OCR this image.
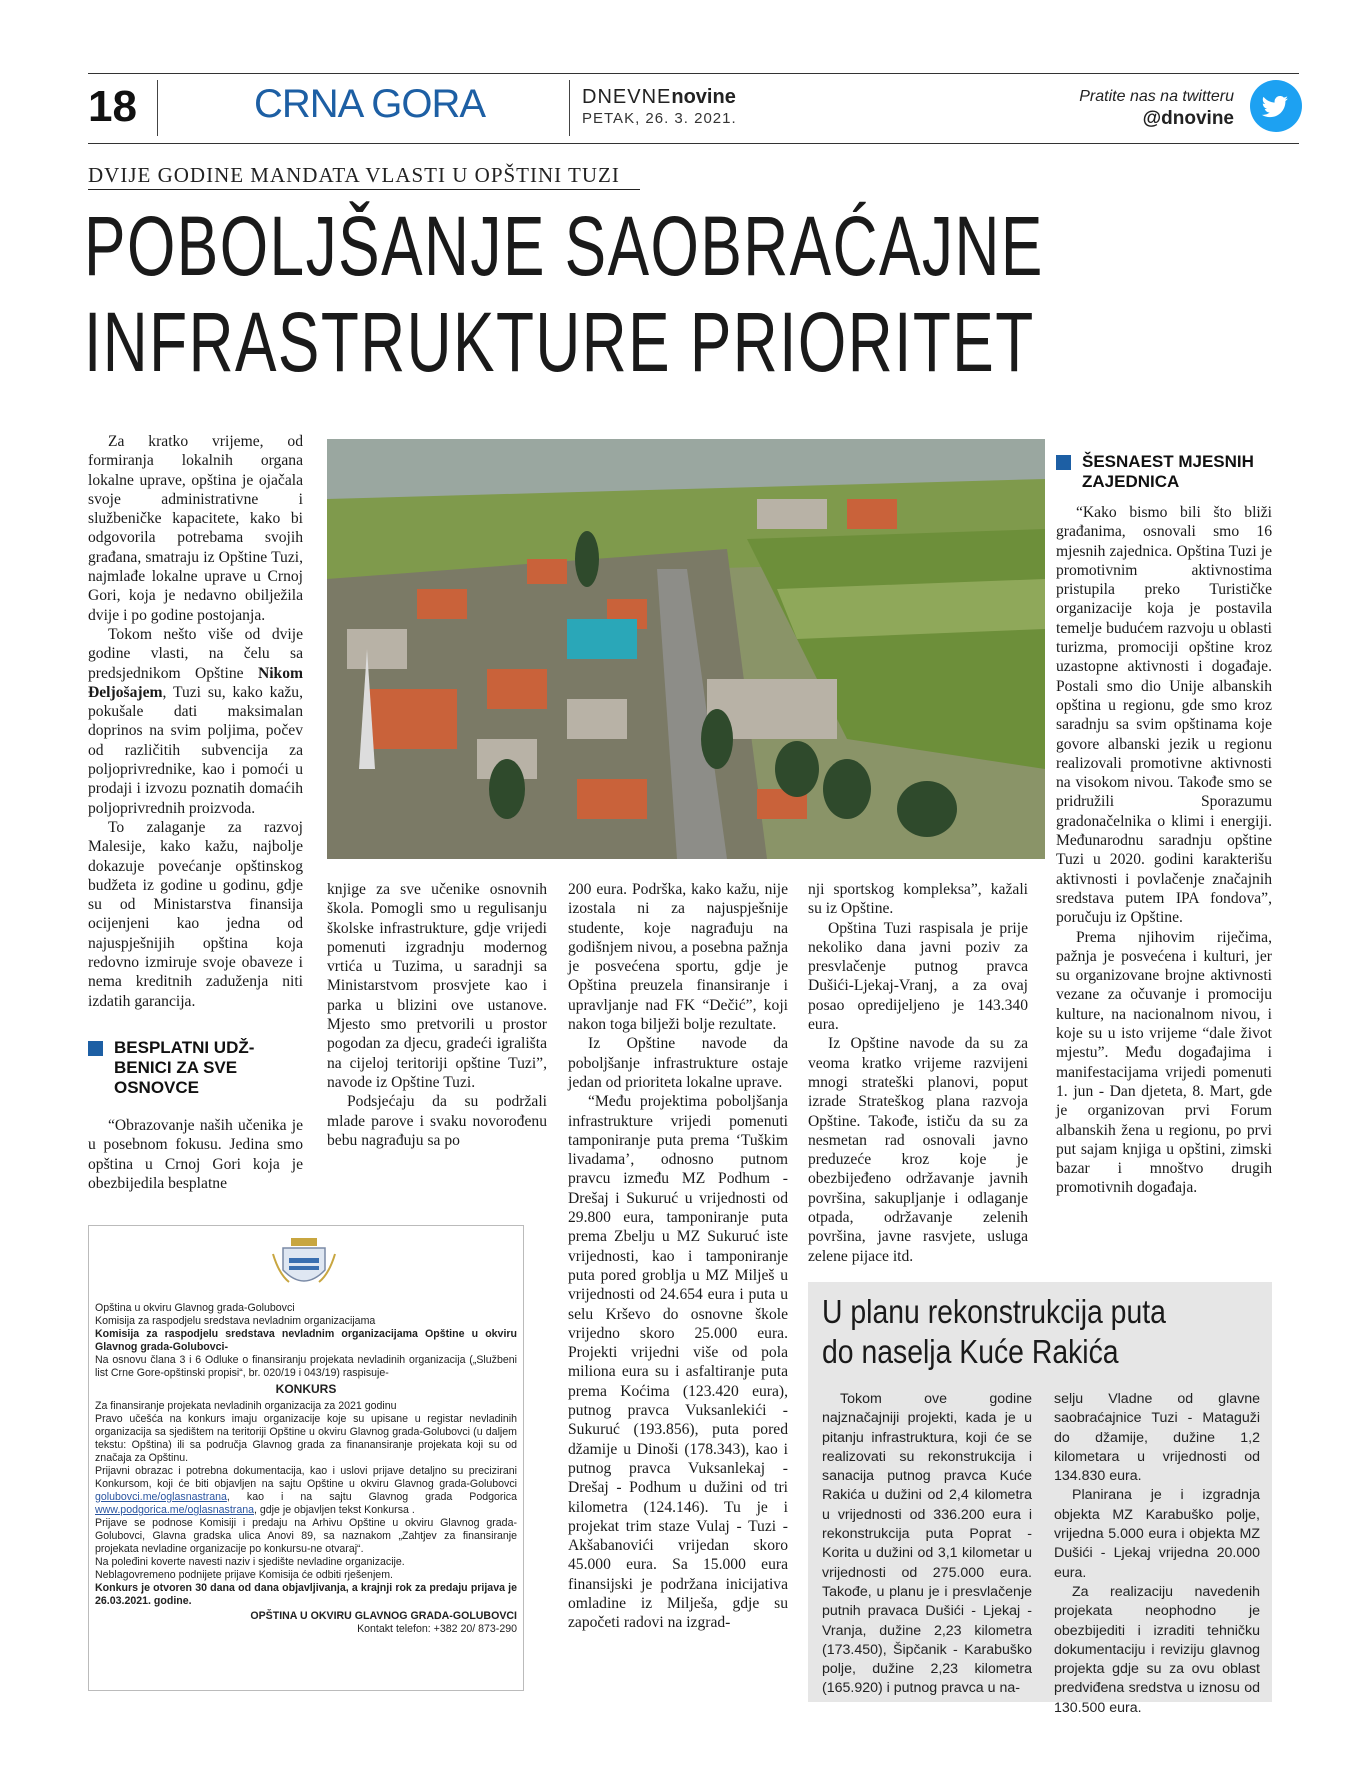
18	CRNA GORA	DNEVNEnovine
PETAK, 26. 3. 2021.
Pratite nas na twitteru
@dnovine
DVIJE GODINE MANDATA VLASTI U OPŠTINI TUZI
POBOLJŠANJE SAOBRAĆAJNE
INFRASTRUKTURE PRIORITET

Za kratko vrijeme, od formiranja lokalnih organa lokalne uprave, opština je ojačala svoje administrativne i službeničke kapacitete, kako bi odgovorila potrebama svojih građana, smatraju iz Opštine Tuzi, najmlađe lokalne uprave u Crnoj Gori, koja je nedavno obilježila dvije i po godine postojanja.

Tokom nešto više od dvije godine vlasti, na čelu sa predsjednikom Opštine Nikom Đeljošajem, Tuzi su, kako kažu, pokušale dati maksimalan doprinos na svim poljima, počev od različitih subvencija za poljoprivrednike, kao i pomoći u prodaji i izvozu poznatih domaćih poljoprivrednih proizvoda.

To zalaganje za razvoj Malesije, kako kažu, najbolje dokazuje povećanje opštinskog budžeta iz godine u godinu, gdje su od Ministarstva finansija ocijenjeni kao jedna od najuspješnijih opština koja redovno izmiruje svoje obaveze i nema kreditnih zaduženja niti izdatih garancija.

BESPLATNI UDŽ-
BENICI ZA SVE
OSNOVCE

“Obrazovanje naših učenika je u posebnom fokusu. Jedina smo opština u Crnoj Gori koja je obezbijedila besplatne

knjige za sve učenike osnovnih škola. Pomogli smo u regulisanju školske infrastrukture, gdje vrijedi pomenuti izgradnju modernog vrtića u Tuzima, u saradnji sa Ministarstvom prosvjete kao i parka u blizini ove ustanove. Mjesto smo pretvorili u prostor pogodan za djecu, gradeći igrališta na cijeloj teritoriji opštine Tuzi”, navode iz Opštine Tuzi.

Podsjećaju da su podržali mlade parove i svaku novorođenu bebu nagrađuju sa po

200 eura. Podrška, kako kažu, nije izostala ni za najuspješnije studente, koje nagrađuju na godišnjem nivou, a posebna pažnja je posvećena sportu, gdje je Opština preuzela finansiranje i upravljanje nad FK “Dečić”, koji nakon toga bilježi bolje rezultate.

Iz Opštine navode da poboljšanje infrastrukture ostaje jedan od prioriteta lokalne uprave.

“Među projektima poboljšanja infrastrukture vrijedi pomenuti tamponiranje puta prema ‘Tuškim livadama’, odnosno putnom pravcu između MZ Podhum - Drešaj i Sukuruć u vrijednosti od 29.800 eura, tamponiranje puta prema Zbelju u MZ Sukuruć iste vrijednosti, kao i tamponiranje puta pored groblja u MZ Milješ u vrijednosti od 24.654 eura i puta u selu Krševo do osnovne škole vrijedno skoro 25.000 eura. Projekti vrijedni više od pola miliona eura su i asfaltiranje puta prema Kоćima (123.420 eura), putnog pravca Vuksanlekići - Sukuruć (193.856), puta pored džamije u Dinoši (178.343), kao i putnog pravca Vuksanlekaj - Drešaj - Podhum u dužini od tri kilometra (124.146). Tu je i projekat trim staze Vulaj - Tuzi - Akšabanovići vrijedan skoro 45.000 eura. Sa 15.000 eura finansijski je podržana inicijativa omladine iz Milješa, gdje su započeti radovi na izgrad-

nji sportskog kompleksa”, kažali su iz Opštine.

Opština Tuzi raspisala je prije nekoliko dana javni poziv za presvlačenje putnog pravca Dušići-Ljekaj-Vranj, a za ovaj posao opredijeljeno je 143.340 eura.

Iz Opštine navode da su za veoma kratko vrijeme razvijeni mnogi strateški planovi, poput izrade Strateškog plana razvoja Opštine. Takođe, ističu da su za nesmetan rad osnovali javno preduzeće kroz koje je obezbijeđeno održavanje javnih površina, sakupljanje i odlaganje otpada, održavanje zelenih površina, javne rasvjete, usluga zelene pijace itd.

ŠESNAEST MJESNIH
ZAJEDNICA

“Kako bismo bili što bliži građanima, osnovali smo 16 mjesnih zajednica. Opština Tuzi je promotivnim aktivnostima pristupila preko Turističke organizacije koja je postavila temelje budućem razvoju u oblasti turizma, promociji opštine kroz uzastopne aktivnosti i događaje. Postali smo dio Unije albanskih opština u regionu, gde smo kroz saradnju sa svim opštinama koje govore albanski jezik u regionu realizovali promotivne aktivnosti na visokom nivou. Takođe smo se pridružili Sporazumu gradonačelnika o klimi i energiji. Međunarodnu saradnju opštine Tuzi u 2020. godini karakterišu aktivnosti i povlačenje značajnih sredstava putem IPA fondova”, poručuju iz Opštine.

Prema njihovim riječima, pažnja je posvećena i kulturi, jer su organizovane brojne aktivnosti vezane za očuvanje i promociju kulture, na nacionalnom nivou, i koje su u isto vrijeme “dale život mjestu”. Među događajima i manifestacijama vrijedi pomenuti 1. jun - Dan djeteta, 8. Mart, gde je organizovan prvi Forum albanskih žena u regionu, po prvi put sajam knjiga u opštini, zimski bazar i mnoštvo drugih promotivnih događaja.

U planu rekonstrukcija puta
do naselja Kuće Rakića

Tokom ove godine najznačajniji projekti, kada je u pitanju infrastruktura, koji će se realizovati su rekonstrukcija i sanacija putnog pravca Kuće Rakića u dužini od 2,4 kilometra u vrijednosti od 336.200 eura i rekonstrukcija puta Poprat - Korita u dužini od 3,1 kilometar u vrijednosti od 275.000 eura. Takođe, u planu je i presvlačenje putnih pravaca Dušići - Ljekaj - Vranja, dužine 2,23 kilometra (173.450), Šipčanik - Karabuško polje, dužine 2,23 kilometra (165.920) i putnog pravca u na-

selju Vladne od glavne saobraćajnice Tuzi - Mataguži do džamije, dužine 1,2 kilometara u vrijednosti od 134.830 eura.

Planirana je i izgradnja objekta MZ Karabuško polje, vrijedna 5.000 eura i objekta MZ Dušići - Ljekaj vrijedna 20.000 eura.

Za realizaciju navedenih projekata neophodno je obezbijediti i izraditi tehničku dokumentaciju i reviziju glavnog projekta gdje su za ovu oblast predviđena sredstva u iznosu od 130.500 eura.

Opština u okviru Glavnog grada-Golubovci

Komisija za raspodjelu sredstava nevladnim organizacijama

Komisija za raspodjelu sredstava nevladnim organizacijama Opštine u okviru Glavnog grada-Golubovci-

Na osnovu člana 3 i 6 Odluke o finansiranju projekata nevladinih organizacija („Službeni list Crne Gore-opštinski propisi“, br. 020/19 i 043/19) raspisuje-

KONKURS

Za finansiranje projekata nevladinih organizacija za 2021 godinu

Pravo učešća na konkurs imaju organizacije koje su upisane u registar nevladinih organizacija sa sjedištem na teritoriji Opštine u okviru Glavnog grada-Golubovci (u daljem tekstu: Opština) ili sa područja Glavnog grada za finanansiranje projekata koji su od značaja za Opštinu.

Prijavni obrazac i potrebna dokumentacija, kao i uslovi prijave detaljno su precizirani Konkursom, koji će biti objavljen na sajtu Opštine u okviru Glavnog grada-Golubovci golubovci.me/oglasnastrana, kao i na sajtu Glavnog grada Podgorica www.podgorica.me/oglasnastrana, gdje je objavljen tekst Konkursa .

Prijave se podnose Komisiji i predaju na Arhivu Opštine u okviru Glavnog grada-Golubovci, Glavna gradska ulica Anovi 89, sa naznakom „Zahtjev za finansiranje projekata nevladine organizacije po konkursu-ne otvaraj“.

Na poleđini koverte navesti naziv i sjedište nevladine organizacije.

Neblagovremeno podnijete prijave Komisija će odbiti rješenjem.

Konkurs je otvoren 30 dana od dana objavljivanja, a krajnji rok za predaju prijava je 26.03.2021. godine.

OPŠTINA U OKVIRU GLAVNOG GRADA-GOLUBOVCI

Kontakt telefon: +382 20/ 873-290
